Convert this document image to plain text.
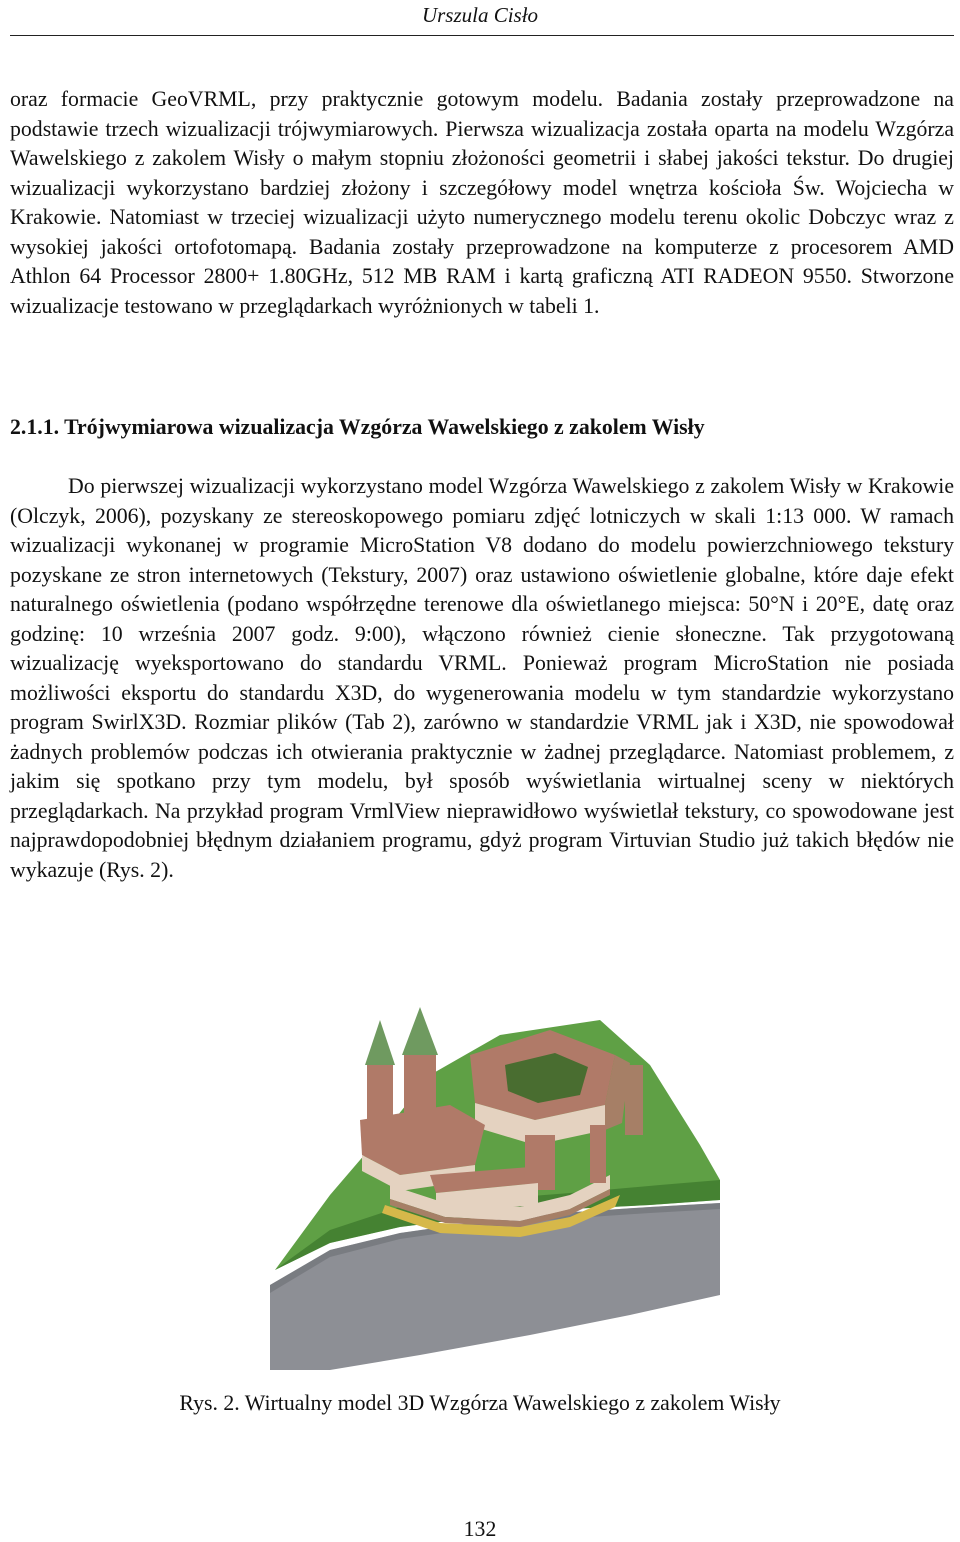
Urszula Cisło

oraz formacie GeoVRML, przy praktycznie gotowym modelu. Badania zostały przeprowadzone na podstawie trzech wizualizacji trójwymiarowych. Pierwsza wizualizacja została oparta na modelu Wzgórza Wawelskiego z zakolem Wisły o małym stopniu złożoności geometrii i słabej jakości tekstur. Do drugiej wizualizacji wykorzystano bardziej złożony i szczegółowy model wnętrza kościoła Św. Wojciecha w Krakowie. Natomiast w trzeciej wizualizacji użyto numerycznego modelu terenu okolic Dobczyc wraz z wysokiej jakości ortofotomapą. Badania zostały przeprowadzone na komputerze z procesorem AMD Athlon 64 Processor 2800+ 1.80GHz, 512 MB RAM i kartą graficzną ATI RADEON 9550. Stworzone wizualizacje testowano w przeglądarkach wyróżnionych w tabeli 1.

2.1.1. Trójwymiarowa wizualizacja Wzgórza Wawelskiego z zakolem Wisły

Do pierwszej wizualizacji wykorzystano model Wzgórza Wawelskiego z zakolem Wisły w Krakowie (Olczyk, 2006), pozyskany ze stereoskopowego pomiaru zdjęć lotniczych w skali 1:13 000. W ramach wizualizacji wykonanej w programie MicroStation V8 dodano do modelu powierzchniowego tekstury pozyskane ze stron internetowych (Tekstury, 2007) oraz ustawiono oświetlenie globalne, które daje efekt naturalnego oświetlenia (podano współrzędne terenowe dla oświetlanego miejsca: 50°N i 20°E, datę oraz godzinę: 10 września 2007 godz. 9:00), włączono również cienie słoneczne. Tak przygotowaną wizualizację wyeksportowano do standardu VRML. Ponieważ program MicroStation nie posiada możliwości eksportu do standardu X3D, do wygenerowania modelu w tym standardzie wykorzystano program SwirlX3D. Rozmiar plików (Tab 2), zarówno w standardzie VRML jak i X3D, nie spowodował żadnych problemów podczas ich otwierania praktycznie w żadnej przeglądarce. Natomiast problemem, z jakim się spotkano przy tym modelu, był sposób wyświetlania wirtualnej sceny w niektórych przeglądarkach. Na przykład program VrmlView nieprawidłowo wyświetlał tekstury, co spowodowane jest najprawdopodobniej błędnym działaniem programu, gdyż program Virtuvian Studio już takich błędów nie wykazuje (Rys. 2).

Rys. 2. Wirtualny model 3D Wzgórza Wawelskiego z zakolem Wisły
132
